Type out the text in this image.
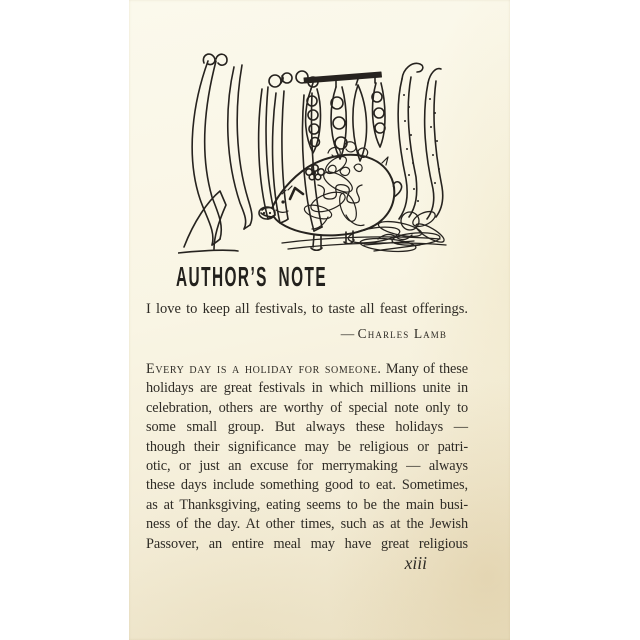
AUTHOR’S NOTE

I love to keep all festivals, to taste all feast offerings.

— Charles Lamb

Every day is a holiday for someone. Many of these
holidays are great festivals in which millions unite in
celebration, others are worthy of special note only to
some small group. But always these holidays —
though their significance may be religious or patri-
otic, or just an excuse for merrymaking — always
these days include something good to eat. Sometimes,
as at Thanksgiving, eating seems to be the main busi-
ness of the day. At other times, such as at the Jewish
Passover, an entire meal may have great religious
xiii
